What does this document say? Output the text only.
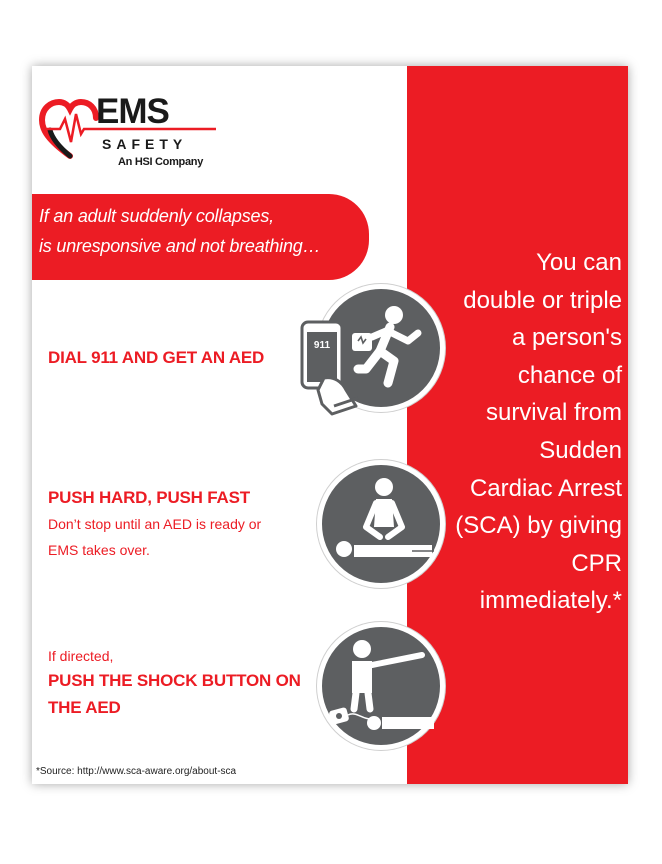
EMS
SAFETY
An HSI Company
If an adult suddenly collapses,
is unresponsive and not breathing…
You can
double or triple
a person's
chance of
survival from
Sudden
Cardiac Arrest
(SCA) by giving
CPR
immediately.*
DIAL 911 AND GET AN AED
911
PUSH HARD, PUSH FAST
Don’t stop until an AED is ready or
EMS takes over.
If directed,
PUSH THE SHOCK BUTTON ON
THE AED
*Source: http://www.sca-aware.org/about-sca
